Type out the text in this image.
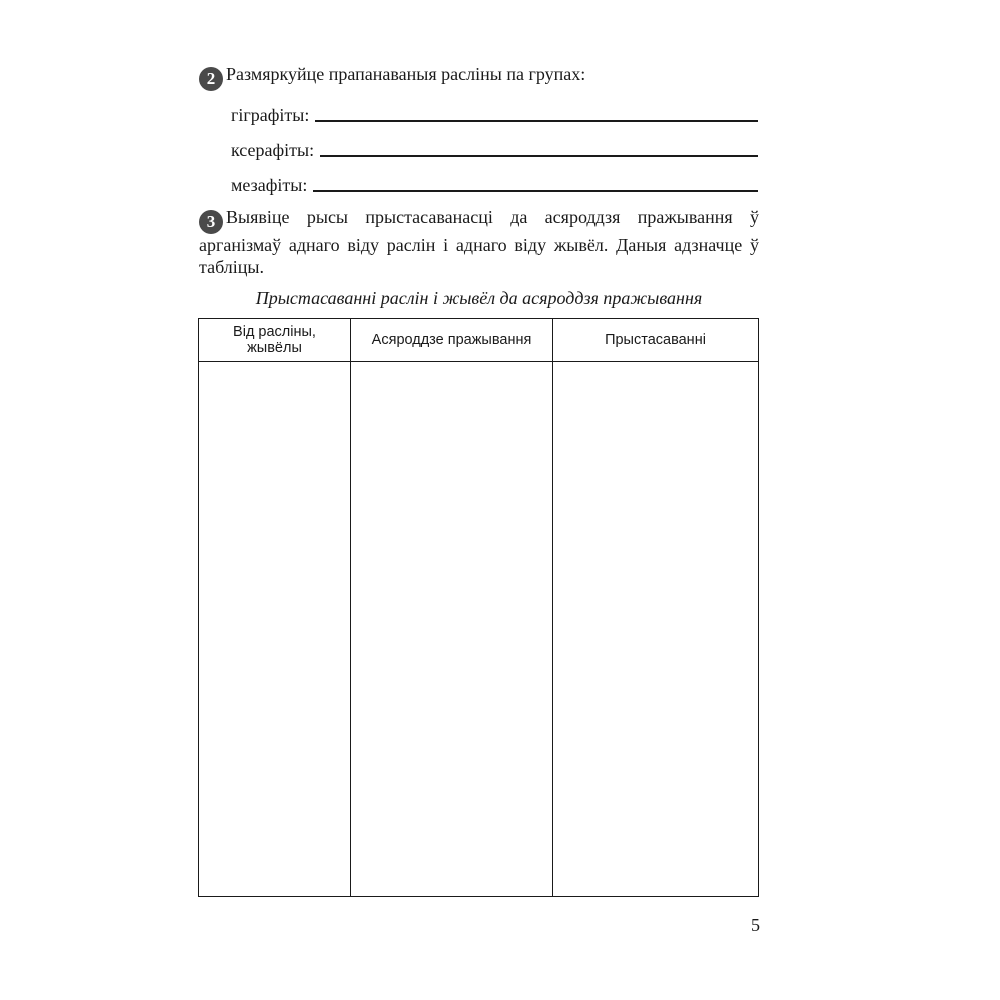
2 Размяркуйце прапанаваныя расліны па групах:
гіграфіты:
ксерафіты:
мезафіты:
3 Выявіце рысы прыстасаванасці да асяроддзя пражывання ў арганізмаў аднаго віду раслін і аднаго віду жывёл. Даныя адзначце ў табліцы.
Прыстасаванні раслін і жывёл да асяроддзя пражывання
Від расліны, жывёлы	Асяроддзе пражывання	Прыстасаванні

5
